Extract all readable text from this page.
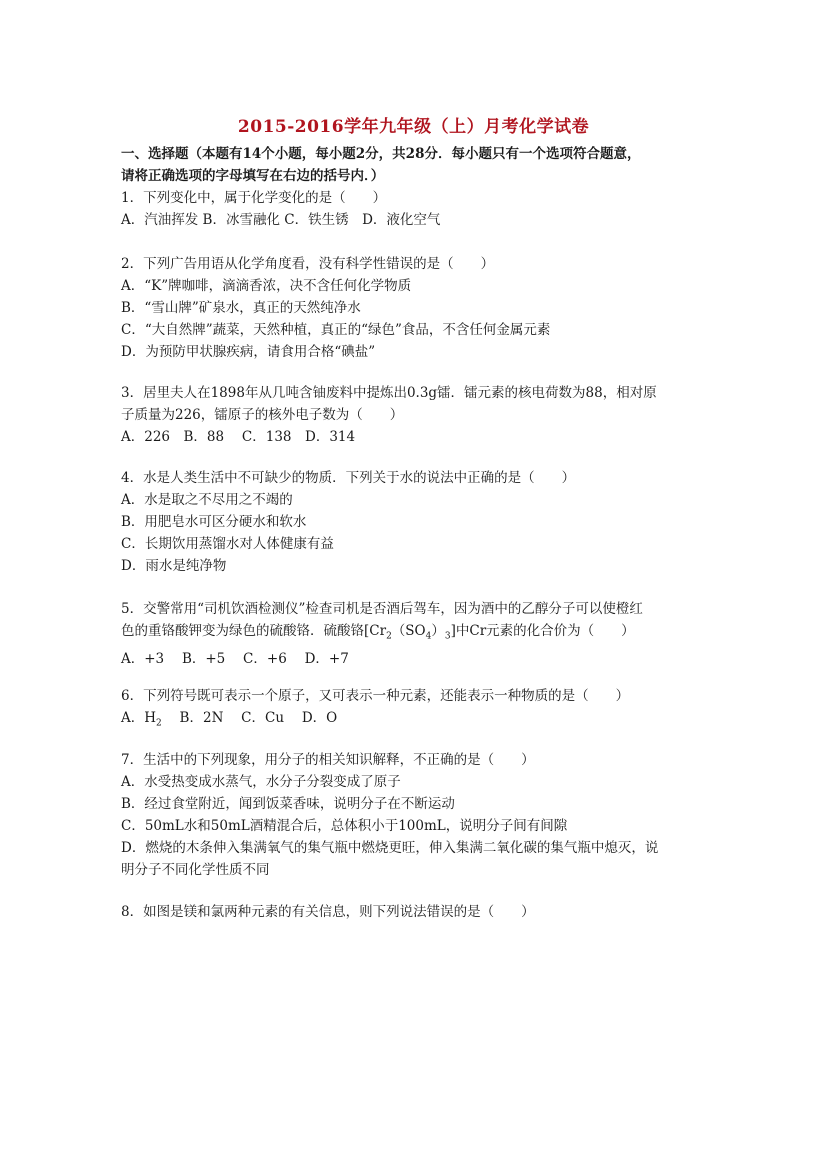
2015-2016学年九年级（上）月考化学试卷
一、选择题（本题有14个小题，每小题2分，共28分．每小题只有一个选项符合题意，
请将正确选项的字母填写在右边的括号内．）
1．下列变化中，属于化学变化的是（　　）
A．汽油挥发 B．冰雪融化 C．铁生锈　D．液化空气
2．下列广告用语从化学角度看，没有科学性错误的是（　　）
A．“K”牌咖啡，滴滴香浓，决不含任何化学物质
B．“雪山牌”矿泉水，真正的天然纯净水
C．“大自然牌”蔬菜，天然种植，真正的“绿色”食品，不含任何金属元素
D．为预防甲状腺疾病，请食用合格“碘盐”
3．居里夫人在1898年从几吨含铀废料中提炼出0.3g镭．镭元素的核电荷数为88，相对原
子质量为226，镭原子的核外电子数为（　　）
A．226　B．88　 C．138　D．314
4．水是人类生活中不可缺少的物质．下列关于水的说法中正确的是（　　）
A．水是取之不尽用之不竭的
B．用肥皂水可区分硬水和软水
C．长期饮用蒸馏水对人体健康有益
D．雨水是纯净物
5．交警常用“司机饮酒检测仪”检查司机是否酒后驾车，因为酒中的乙醇分子可以使橙红
色的重铬酸钾变为绿色的硫酸铬．硫酸铬$[Cr_2(SO_4)_3]$中Cr元素的化合价为（　　）
A．+3　 B．+5　 C．+6　 D．+7
6．下列符号既可表示一个原子，又可表示一种元素，还能表示一种物质的是（　　）
A．$H_2$　 B．2N　 C．Cu　 D．O
7．生活中的下列现象，用分子的相关知识解释，不正确的是（　　）
A．水受热变成水蒸气，水分子分裂变成了原子
B．经过食堂附近，闻到饭菜香味，说明分子在不断运动
C．50mL水和50mL酒精混合后，总体积小于100mL，说明分子间有间隙
D．燃烧的木条伸入集满氧气的集气瓶中燃烧更旺，伸入集满二氧化碳的集气瓶中熄灭，说
明分子不同化学性质不同
8．如图是镁和氯两种元素的有关信息，则下列说法错误的是（　　）
